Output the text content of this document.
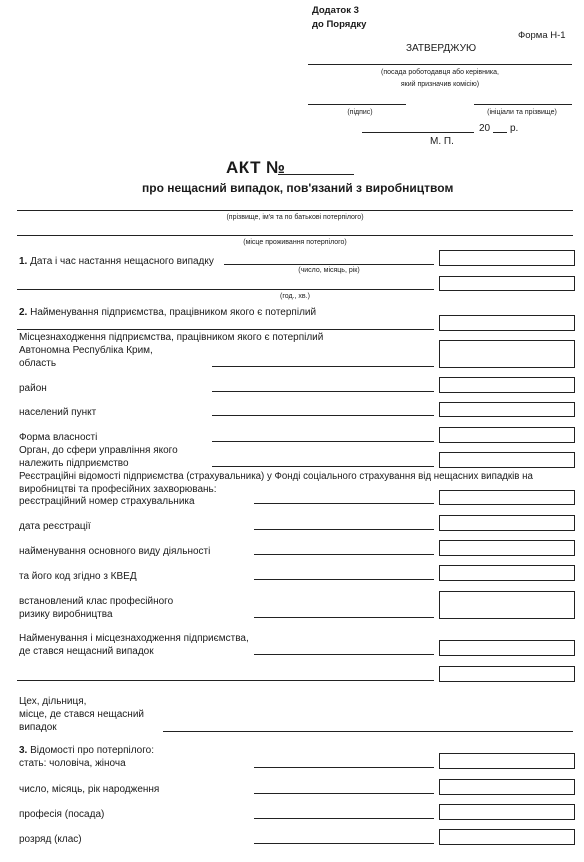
Додаток 3
до Порядку
Форма Н-1
ЗАТВЕРДЖУЮ
(посада роботодавця або керівника,
який призначив комісію)
(підпис)	(ініціали та прізвище)
20 р.
М. П.
АКТ №
про нещасний випадок, пов'язаний з виробництвом
(прізвище, ім'я та по батькові потерпілого)
(місце проживання потерпілого)
1. Дата і час настання нещасного випадку
(число, місяць, рік)
(год., хв.)
2. Найменування підприємства, працівником якого є потерпілий
Місцезнаходження підприємства, працівником якого є потерпілий
Автономна Республіка Крим,
область
район
населений пункт
Форма власності
Орган, до сфери управління якого
належить підприємство
Реєстраційні відомості підприємства (страхувальника) у Фонді соціального страхування від нещасних випадків на
виробництві та професійних захворювань:
реєстраційний номер страхувальника
дата реєстрації
найменування основного виду діяльності
та його код згідно з КВЕД
встановлений клас професійного
ризику виробництва
Найменування і місцезнаходження підприємства,
де стався нещасний випадок
Цех, дільниця,
місце, де стався нещасний
випадок
3. Відомості про потерпілого:
стать: чоловіча, жіноча
число, місяць, рік народження
професія (посада)
розряд (клас)
